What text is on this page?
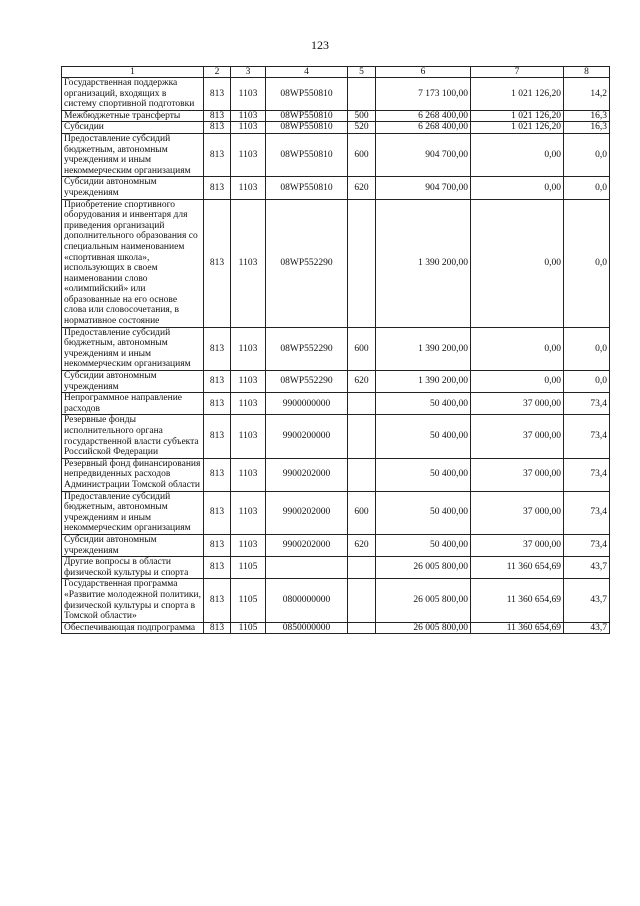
123
1	2	3	4	5	6	7	8
Государственная поддержка организаций, входящих в систему спортивной подготовки	813	1103	08WP550810		7 173 100,00	1 021 126,20	14,2
Межбюджетные трансферты	813	1103	08WP550810	500	6 268 400,00	1 021 126,20	16,3
Субсидии	813	1103	08WP550810	520	6 268 400,00	1 021 126,20	16,3
Предоставление субсидий бюджетным, автономным учреждениям и иным некоммерческим организациям	813	1103	08WP550810	600	904 700,00	0,00	0,0
Субсидии автономным учреждениям	813	1103	08WP550810	620	904 700,00	0,00	0,0
Приобретение спортивного оборудования и инвентаря для приведения организаций дополнительного образования со специальным наименованием «спортивная школа», использующих в своем наименовании слово «олимпийский» или образованные на его основе слова или словосочетания, в нормативное состояние	813	1103	08WP552290		1 390 200,00	0,00	0,0
Предоставление субсидий бюджетным, автономным учреждениям и иным некоммерческим организациям	813	1103	08WP552290	600	1 390 200,00	0,00	0,0
Субсидии автономным учреждениям	813	1103	08WP552290	620	1 390 200,00	0,00	0,0
Непрограммное направление расходов	813	1103	9900000000		50 400,00	37 000,00	73,4
Резервные фонды исполнительного органа государственной власти субъекта Российской Федерации	813	1103	9900200000		50 400,00	37 000,00	73,4
Резервный фонд финансирования непредвиденных расходов Администрации Томской области	813	1103	9900202000		50 400,00	37 000,00	73,4
Предоставление субсидий бюджетным, автономным учреждениям и иным некоммерческим организациям	813	1103	9900202000	600	50 400,00	37 000,00	73,4
Субсидии автономным учреждениям	813	1103	9900202000	620	50 400,00	37 000,00	73,4
Другие вопросы в области физической культуры и спорта	813	1105			26 005 800,00	11 360 654,69	43,7
Государственная программа «Развитие молодежной политики, физической культуры и спорта в Томской области»	813	1105	0800000000		26 005 800,00	11 360 654,69	43,7
Обеспечивающая подпрограмма	813	1105	0850000000		26 005 800,00	11 360 654,69	43,7
